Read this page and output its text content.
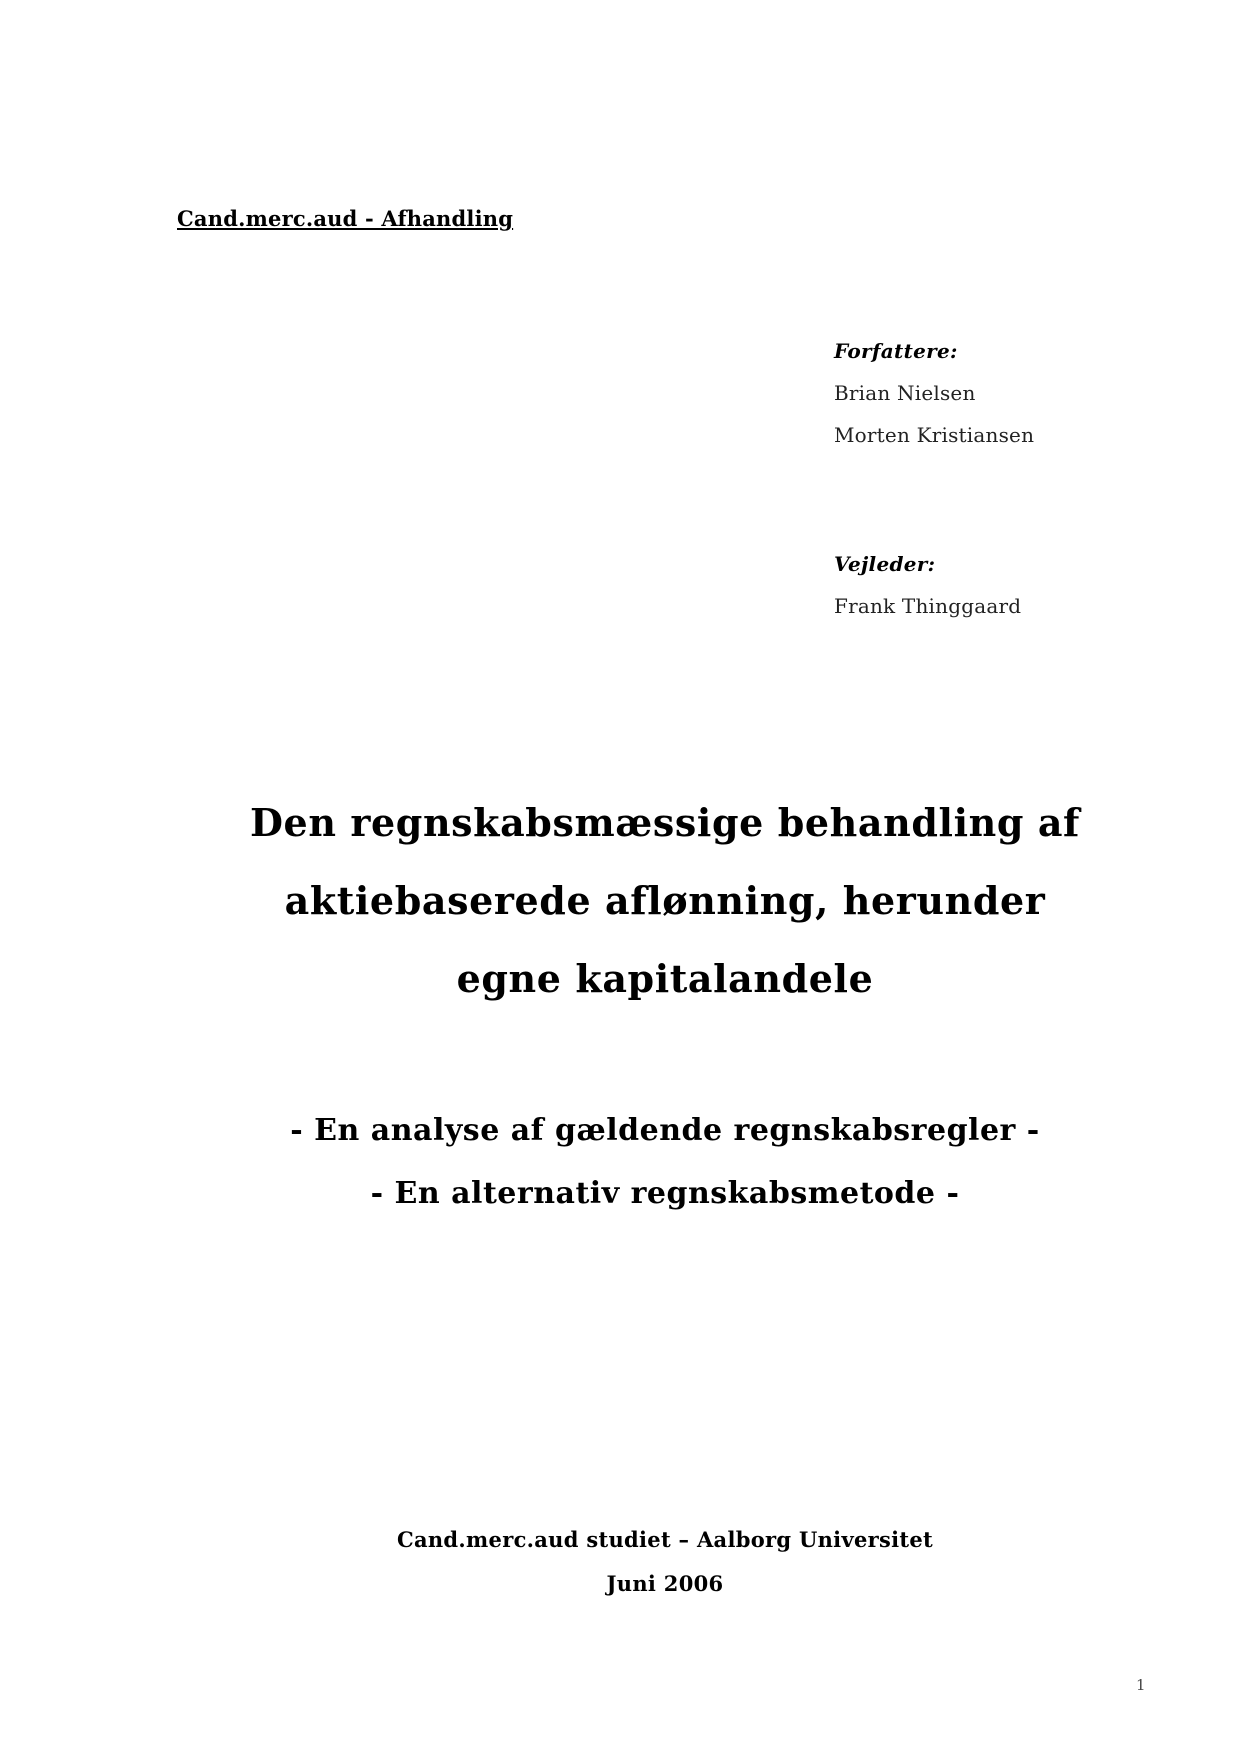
Cand.merc.aud - Afhandling
Forfattere:
Brian Nielsen
Morten Kristiansen
Vejleder:
Frank Thinggaard
Den regnskabsmæssige behandling af
aktiebaserede aflønning, herunder
egne kapitalandele
- En analyse af gældende regnskabsregler -
- En alternativ regnskabsmetode -
Cand.merc.aud studiet – Aalborg Universitet
Juni 2006
1
